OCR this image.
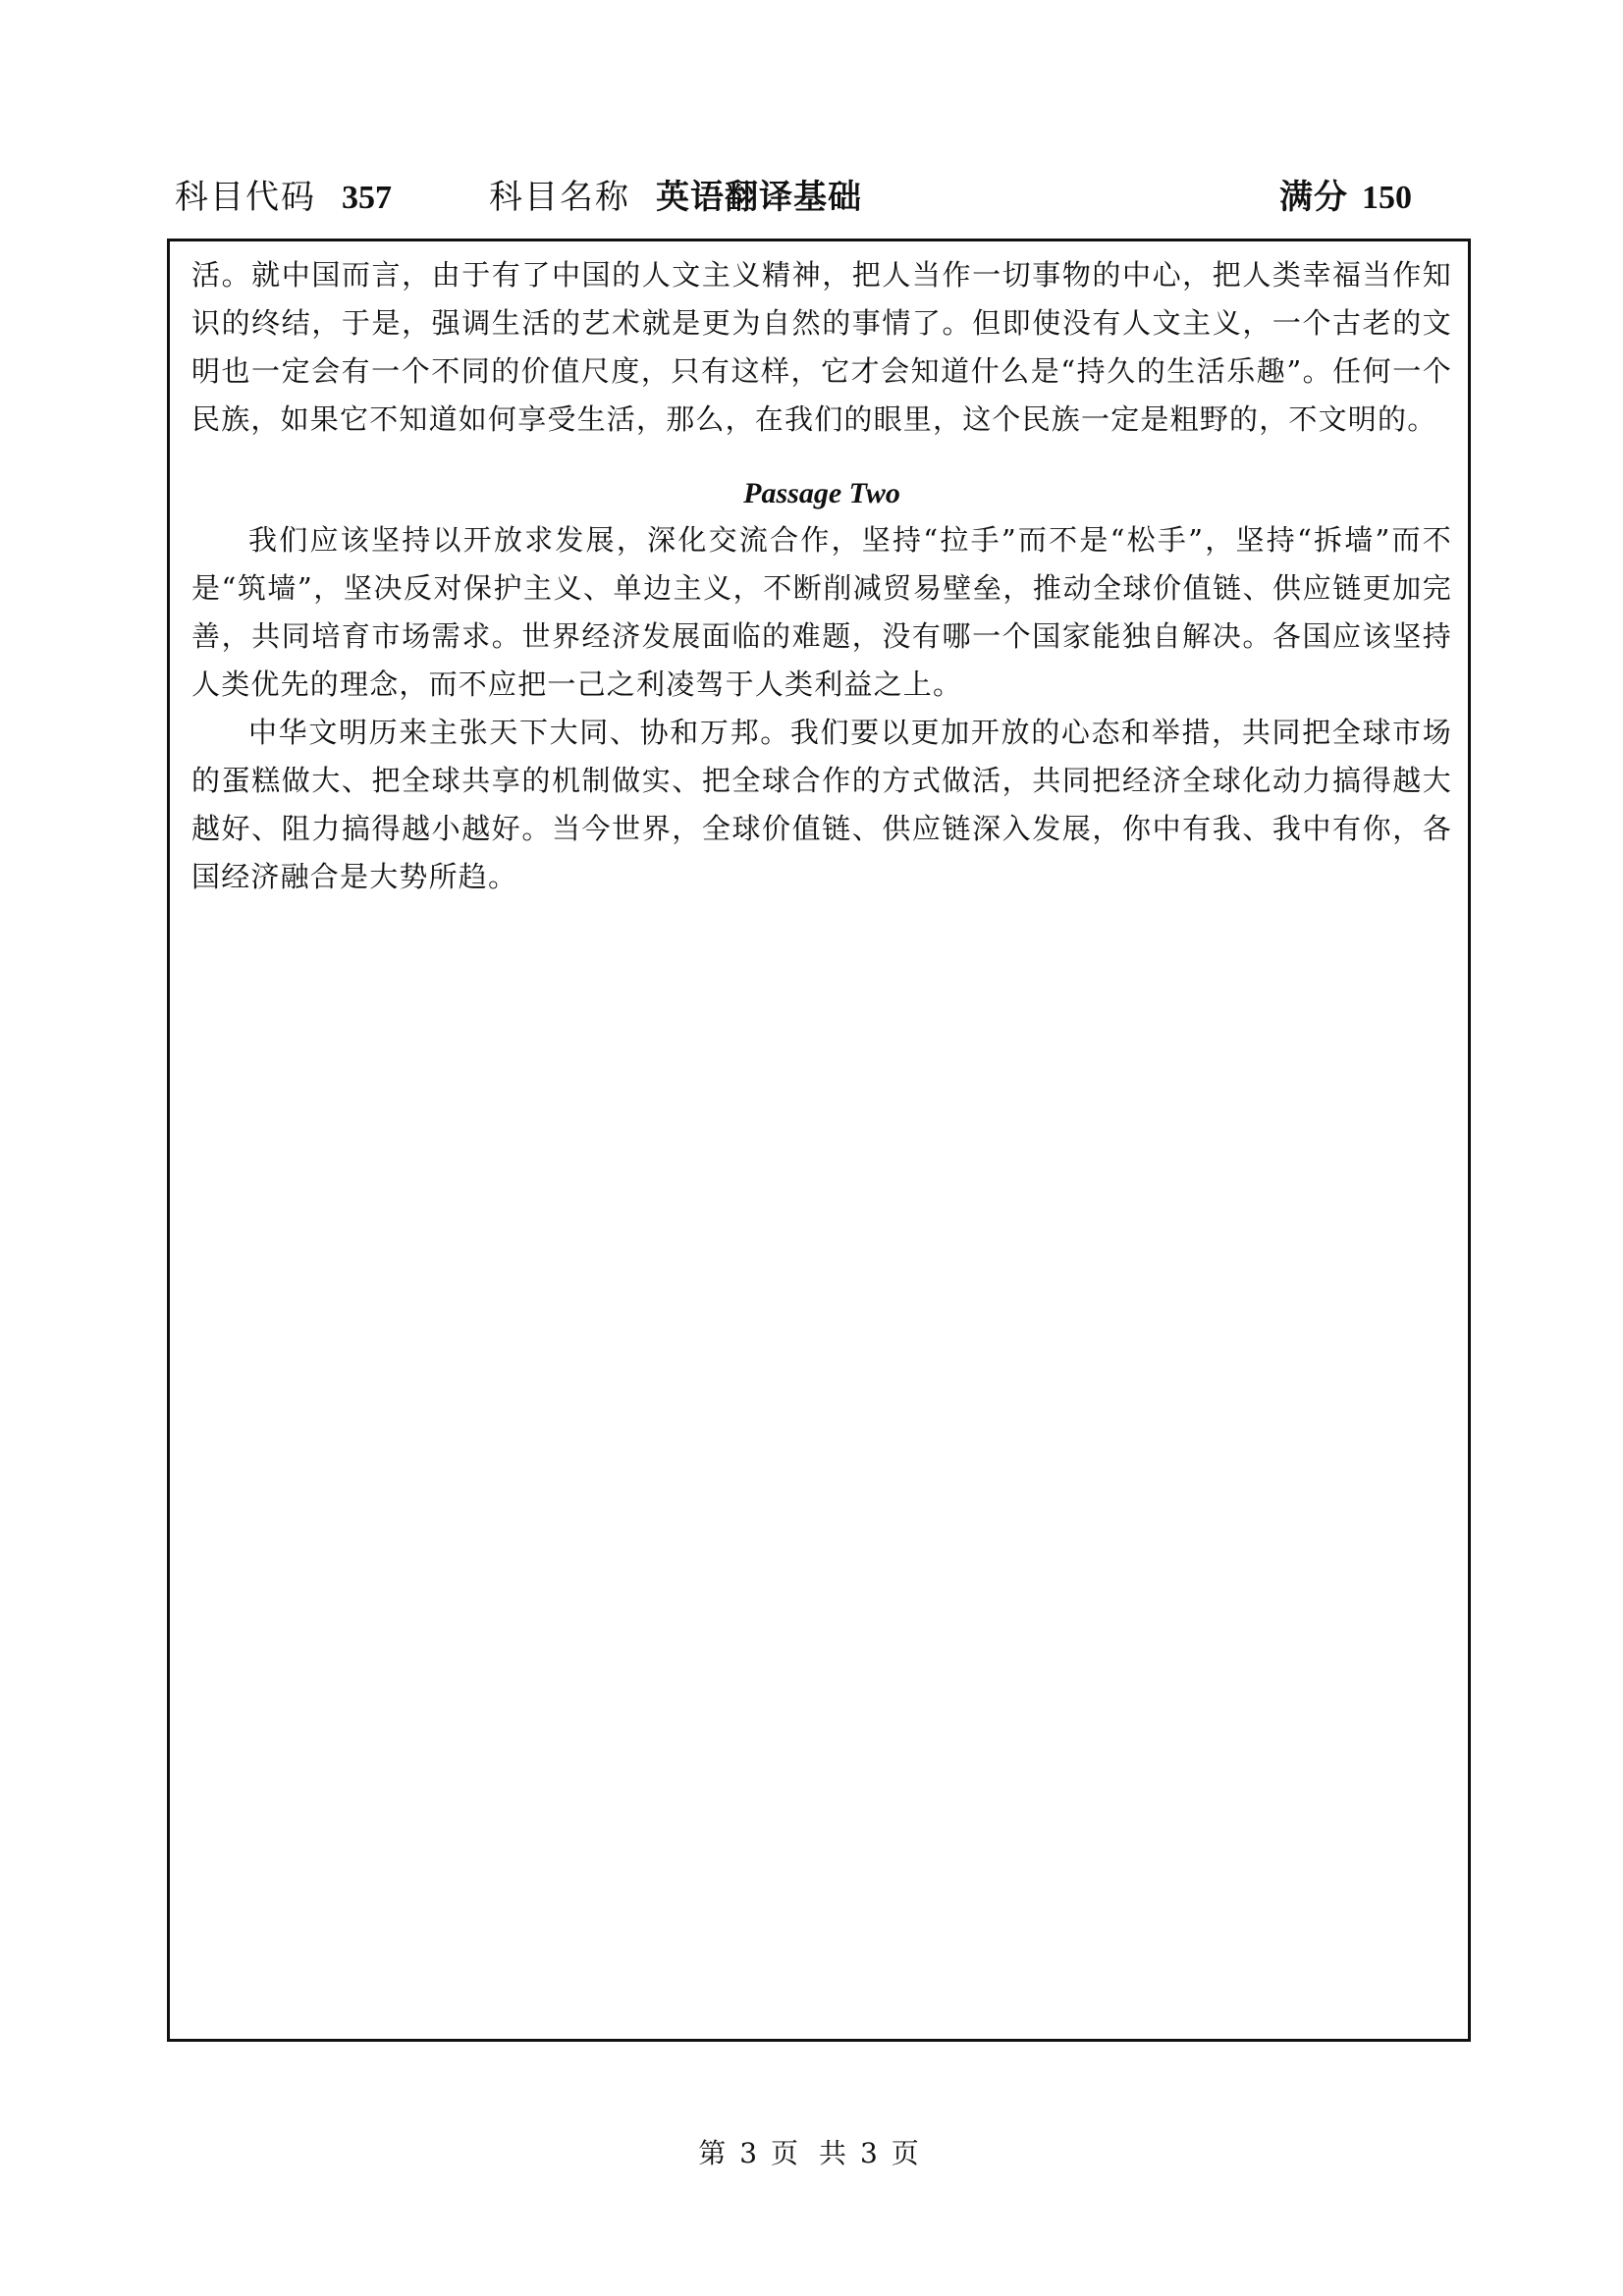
科目代码 357	科目名称 英语翻译基础	满分 150

活。就中国而言，由于有了中国的人文主义精神，把人当作一切事物的中心，把人类幸福当作知识的终结，于是，强调生活的艺术就是更为自然的事情了。但即使没有人文主义，一个古老的文明也一定会有一个不同的价值尺度，只有这样，它才会知道什么是“持久的生活乐趣”。任何一个民族，如果它不知道如何享受生活，那么，在我们的眼里，这个民族一定是粗野的，不文明的。

Passage Two

我们应该坚持以开放求发展，深化交流合作，坚持“拉手”而不是“松手”，坚持“拆墙”而不是“筑墙”，坚决反对保护主义、单边主义，不断削减贸易壁垒，推动全球价值链、供应链更加完善，共同培育市场需求。世界经济发展面临的难题，没有哪一个国家能独自解决。各国应该坚持人类优先的理念，而不应把一己之利凌驾于人类利益之上。

中华文明历来主张天下大同、协和万邦。我们要以更加开放的心态和举措，共同把全球市场的蛋糕做大、把全球共享的机制做实、把全球合作的方式做活，共同把经济全球化动力搞得越大越好、阻力搞得越小越好。当今世界，全球价值链、供应链深入发展，你中有我、我中有你，各国经济融合是大势所趋。

第 3 页 共 3 页
